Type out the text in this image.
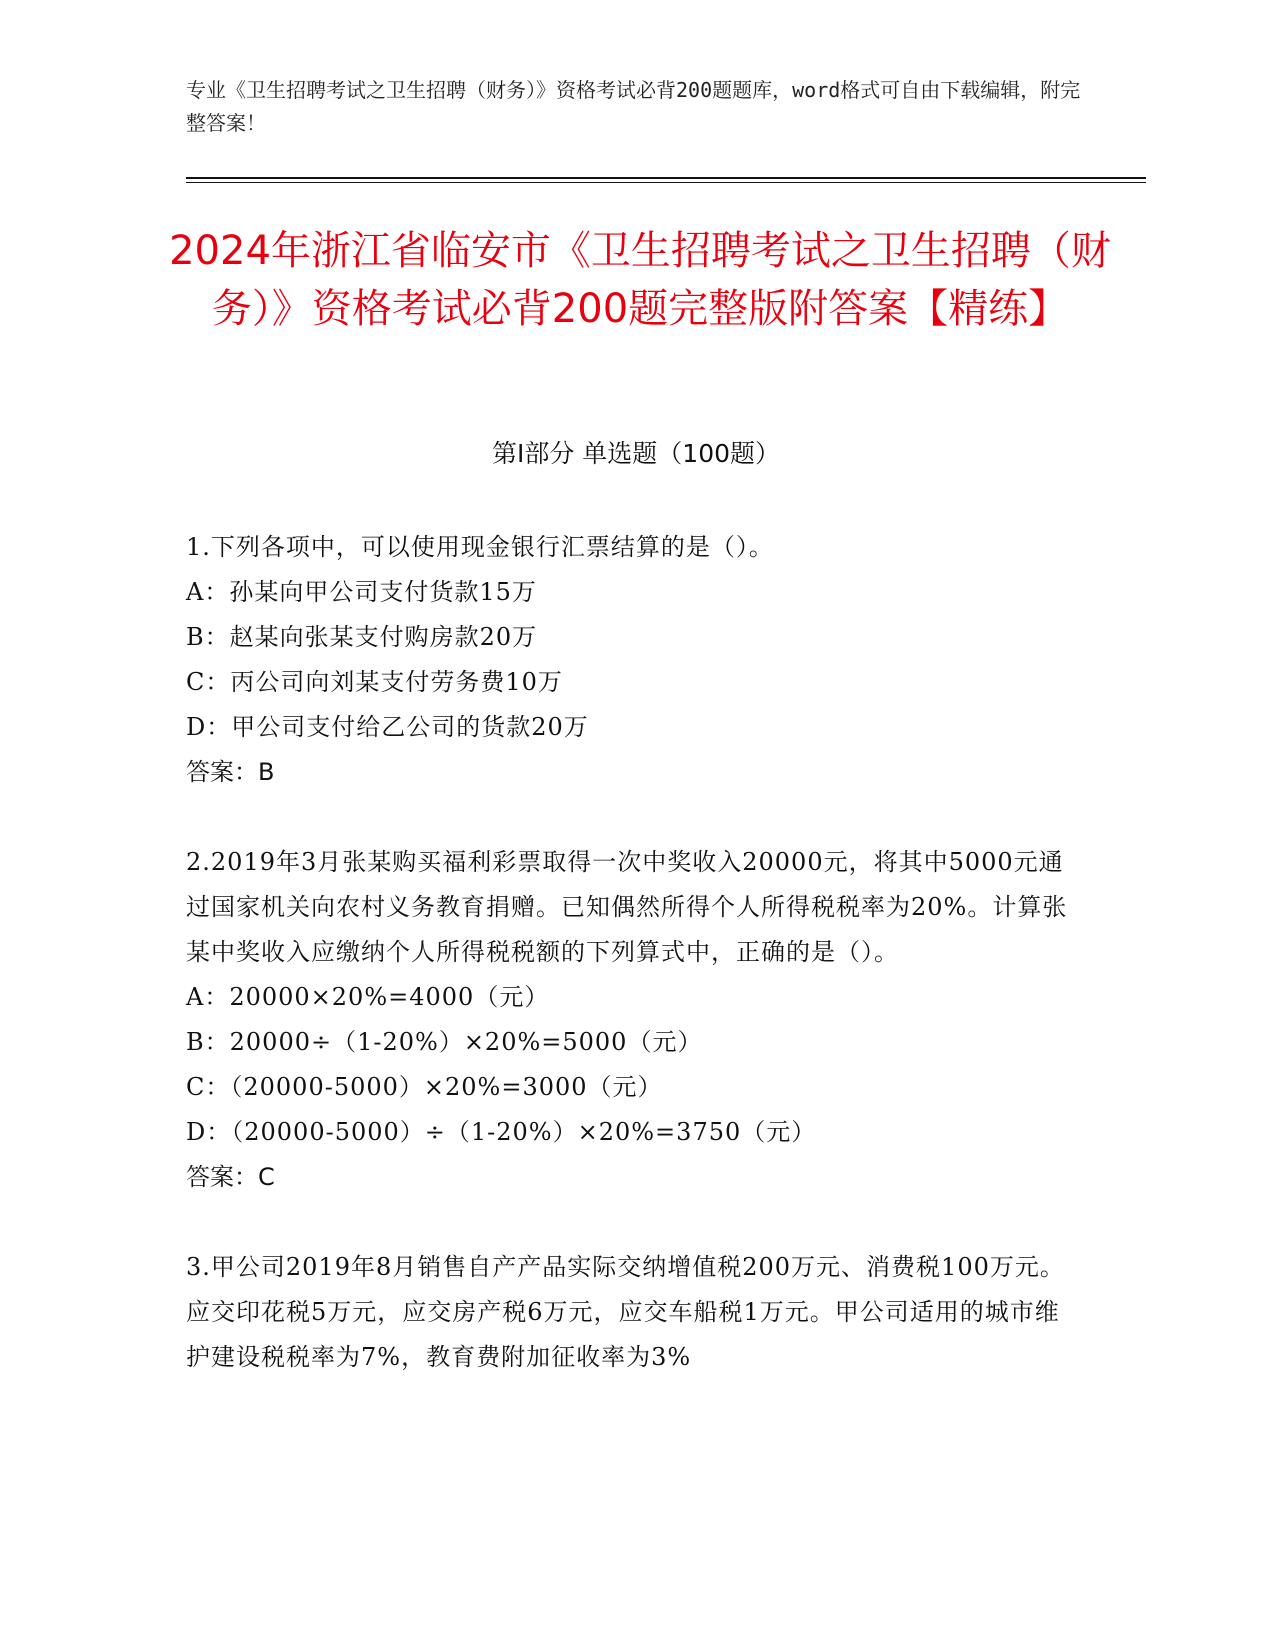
专业《卫生招聘考试之卫生招聘（财务）》资格考试必背200题题库，word格式可自由下载编辑，附完整答案！
2024年浙江省临安市《卫生招聘考试之卫生招聘（财务）》资格考试必背200题完整版附答案【精练】
第Ⅰ部分 单选题（100题）

1.下列各项中，可以使用现金银行汇票结算的是（）。

A：孙某向甲公司支付货款15万

B：赵某向张某支付购房款20万

C：丙公司向刘某支付劳务费10万

D：甲公司支付给乙公司的货款20万

答案：B

2.2019年3月张某购买福利彩票取得一次中奖收入20000元，将其中5000元通过国家机关向农村义务教育捐赠。已知偶然所得个人所得税税率为20%。计算张某中奖收入应缴纳个人所得税税额的下列算式中，正确的是（）。

A：20000×20%=4000（元）

B：20000÷（1-20%）×20%=5000（元）

C：（20000-5000）×20%=3000（元）

D：（20000-5000）÷（1-20%）×20%=3750（元）

答案：C

3.甲公司2019年8月销售自产产品实际交纳增值税200万元、消费税100万元。应交印花税5万元，应交房产税6万元，应交车船税1万元。甲公司适用的城市维护建设税税率为7%，教育费附加征收率为3%
